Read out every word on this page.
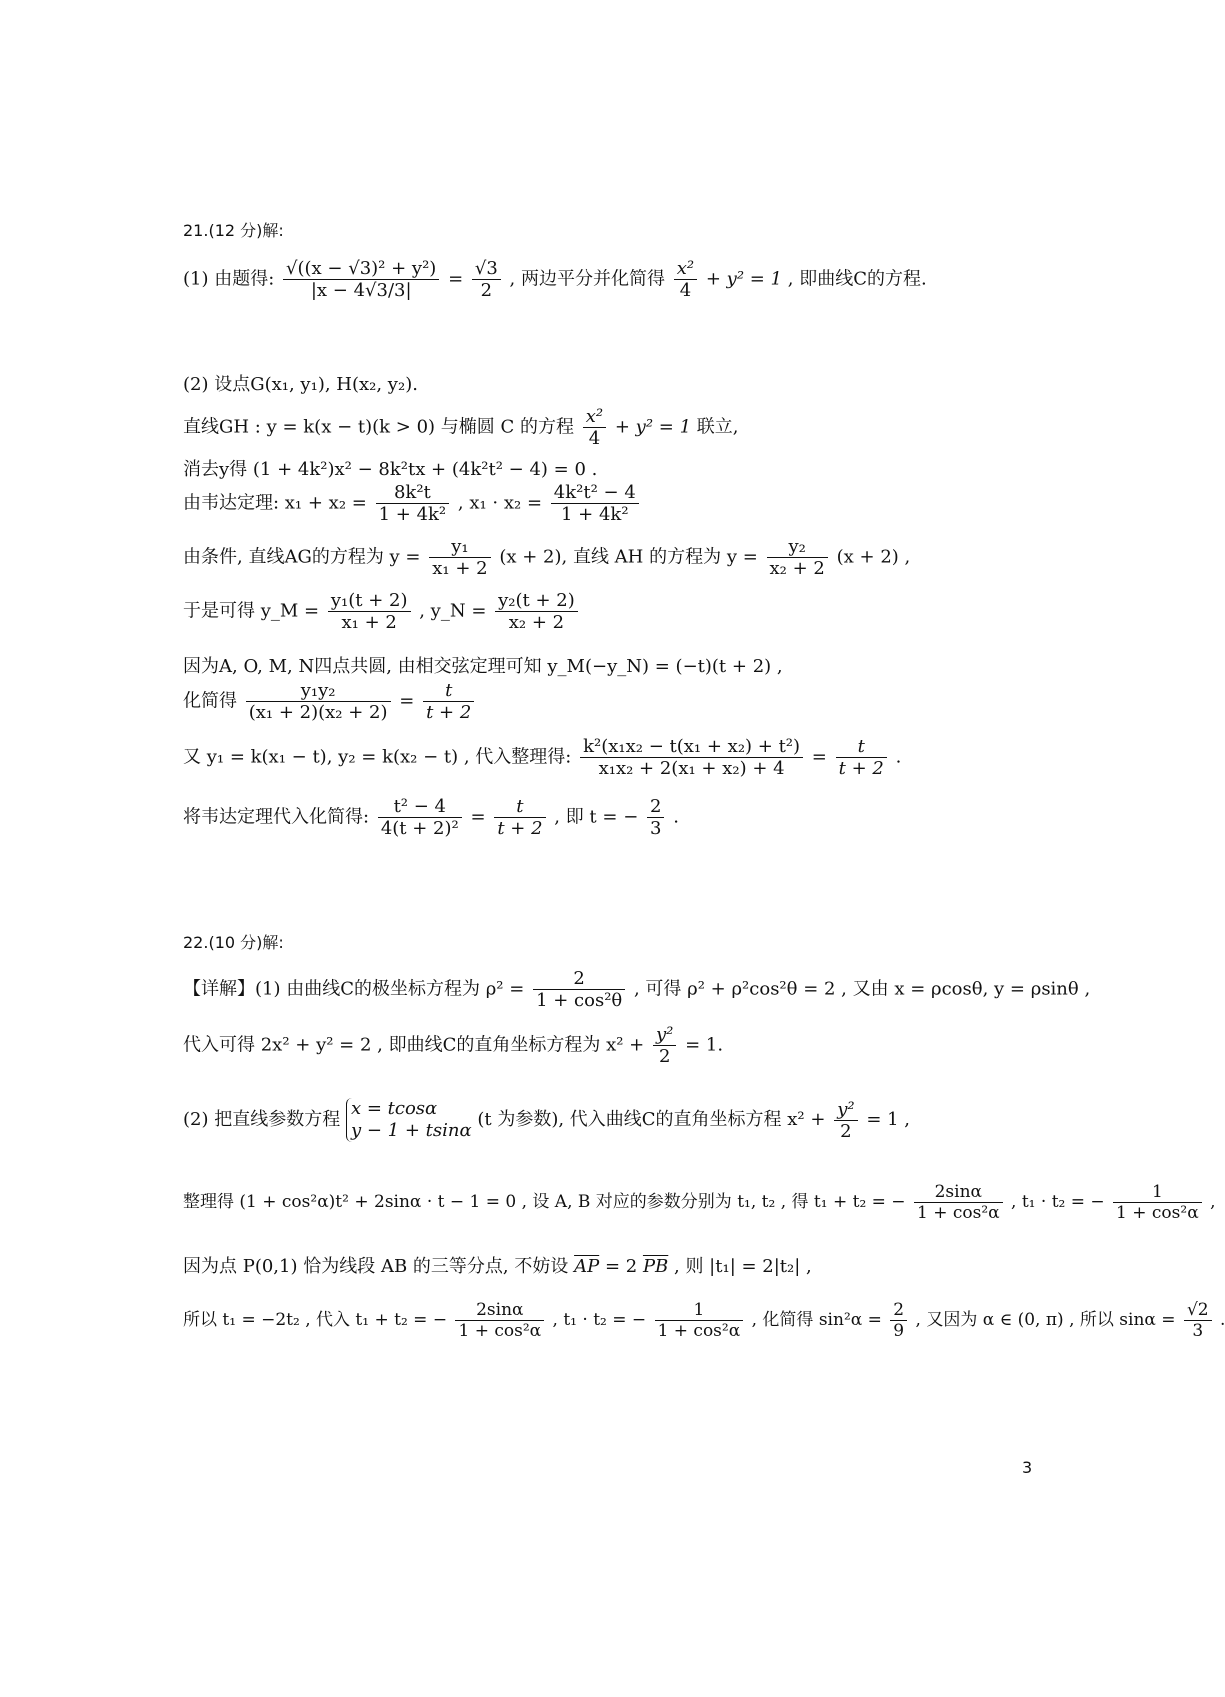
21.(12 分)解:
(1) 由题得: $\frac{\text{√((x − √3)² + y²)}}{|x - 4√3/3|} = \frac{√3}{2}$ , 两边平分并化简得 $\frac{\text{x²}}{4} + y^2 = 1$ , 即曲线C的方程.
(2) 设点G(x₁, y₁), H(x₂, y₂).
直线GH : y = k(x − t)(k > 0) 与椭圆 C 的方程 $\frac{\text{x²}}{4} + y^2 = 1$ 联立,
消去y得 (1 + 4k²)x² − 8k²tx + (4k²t² − 4) = 0 .
由韦达定理: $x_1 + x_2 = \frac{\text{8k²t}}{\text{1 + 4k²}}$ , $x_1 \cdot x_2 = \frac{\text{4k²t² − 4}}{\text{1 + 4k²}}$
由条件, 直线AG的方程为 $y = \frac{\text{y₁}}{\text{x₁ + 2}} (x + 2)$, 直线 AH 的方程为 $y = \frac{\text{y₂}}{\text{x₂ + 2}} (x + 2)$ ,
于是可得 y_M = $\frac{\text{y₁(t + 2)}}{\text{x₁ + 2}}$ , y_N = $\frac{\text{y₂(t + 2)}}{\text{x₂ + 2}}$
因为A, O, M, N四点共圆, 由相交弦定理可知 y_M(−y_N) = (−t)(t + 2) ,
化简得 $\frac{\text{y₁y₂}}{\text{(x₁ + 2)(x₂ + 2)}} = \frac{t}{t + 2}$
又 y₁ = k(x₁ − t), y₂ = k(x₂ − t) , 代入整理得: $\frac{\text{k²(x₁x₂ − t(x₁ + x₂) + t²)}}{\text{x₁x₂ + 2(x₁ + x₂) + 4}} = \frac{t}{t + 2}$ .
将韦达定理代入化简得: $\frac{\text{t² − 4}}{\text{4(t + 2)²}} = \frac{t}{t + 2}$ , 即 t = − $\frac{2}{3}$ .
22.(10 分)解:
【详解】(1) 由曲线C的极坐标方程为 $\rho^2 = \frac{2}{\text{1 + cos²θ}}$ , 可得 ρ² + ρ²cos²θ = 2 , 又由 x = ρcosθ, y = ρsinθ ,
代入可得 2x² + y² = 2 , 即曲线C的直角坐标方程为 $x^2 + \frac{\text{y²}}{2} = 1$.
(2) 把直线参数方程
x = tcosα
y − 1 + tsinα
(t 为参数), 代入曲线C的直角坐标方程 $x^2 + \frac{\text{y²}}{2} = 1$ ,
整理得 (1 + cos²α)t² + 2sinα · t − 1 = 0 , 设 A, B 对应的参数分别为 t₁, t₂ , 得 t₁ + t₂ = − $\frac{2\sin\alpha}{\text{1 + cos²α}}$ , t₁ · t₂ = − $\frac{1}{\text{1 + cos²α}}$ ,
因为点 P(0,1) 恰为线段 AB 的三等分点, 不妨设 $\overline{AP} = 2$ $\overline{PB}$ , 则 |t₁| = 2|t₂| ,
所以 t₁ = −2t₂ , 代入 t₁ + t₂ = − $\frac{2\sin\alpha}{\text{1 + cos²α}}$ , t₁ · t₂ = − $\frac{1}{\text{1 + cos²α}}$ , 化简得 $\sin^2\alpha = \frac{2}{9}$ , 又因为 α ∈ (0, π) , 所以 $\sin\alpha = \frac{√2}{3}$ .
3
